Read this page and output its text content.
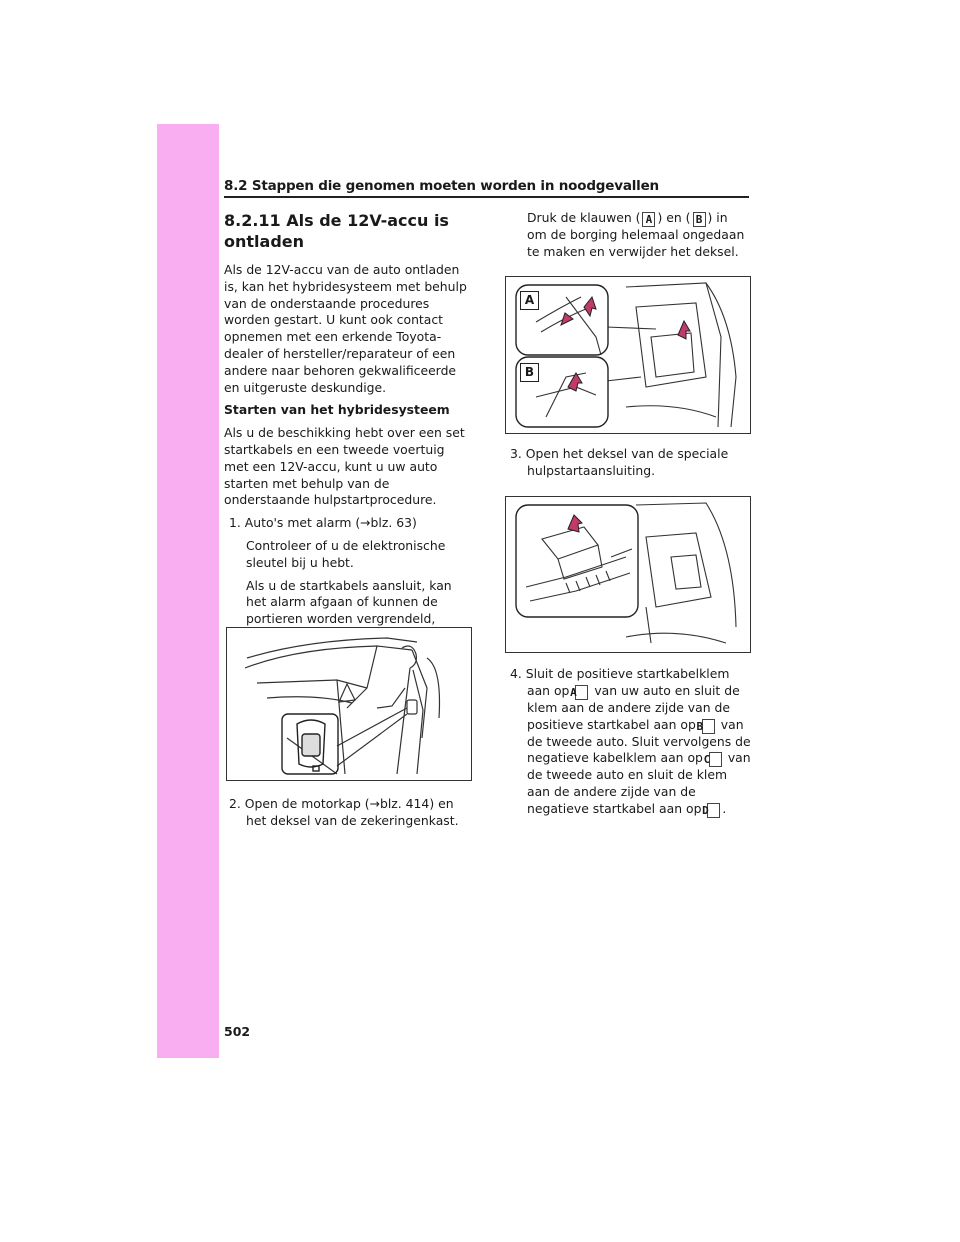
8.2 Stappen die genomen moeten worden in noodgevallen
8.2.11 Als de 12V-accu is
ontladen

Als de 12V-accu van de auto ontladen is, kan het hybridesysteem met behulp van de onderstaande procedures worden gestart. U kunt ook contact opnemen met een erkende Toyota-dealer of hersteller/reparateur of een andere naar behoren gekwalificeerde en uitgeruste deskundige.

Starten van het hybridesysteem

Als u de beschikking hebt over een set startkabels en een tweede voertuig met een 12V-accu, kunt u uw auto starten met behulp van de onderstaande hulpstartprocedure.

1. Auto's met alarm (→blz. 63)

Controleer of u de elektronische sleutel bij u hebt.

Als u de startkabels aansluit, kan het alarm afgaan of kunnen de portieren worden vergrendeld,

2. Open de motorkap (→blz. 414) en het deksel van de zekeringenkast.

Druk de klauwen ( A ) en ( B ) in om de borging helemaal ongedaan te maken en verwijder het deksel.

A
B

3. Open het deksel van de speciale hulpstartaansluiting.

4. Sluit de positieve startkabelklem aan op A van uw auto en sluit de klem aan de andere zijde van de positieve startkabel aan op B van de tweede auto. Sluit vervolgens de negatieve kabelklem aan op C van de tweede auto en sluit de klem aan de andere zijde van de negatieve startkabel aan op D .

502
